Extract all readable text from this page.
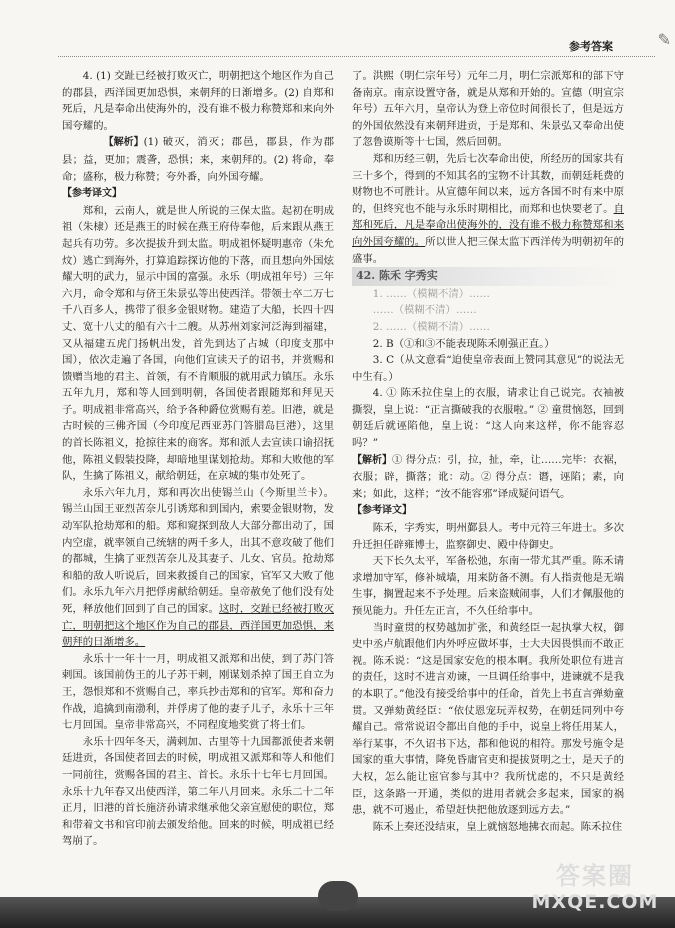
参考答案	✎

4. (1) 交趾已经被打败灭亡，明朝把这个地区作为自己的郡县，西洋国更加恐惧，来朝拜的日渐增多。(2) 自郑和死后，凡是奉命出使海外的，没有谁不极力称赞郑和来向外国夸耀的。

【解析】(1) 破灭，消灭；郡邑，郡县，作为郡县；益，更加；震詟，恐惧；来，来朝拜的。(2) 将命，奉命；盛称，极力称赞；夸外番，向外国夸耀。

【参考译文】

郑和，云南人，就是世人所说的三保太监。起初在明成祖（朱棣）还是燕王的时候在燕王府侍奉他，后来跟从燕王起兵有功劳。多次提拔升到太监。明成祖怀疑明惠帝（朱允炆）逃亡到海外，打算追踪探访他的下落，而且想向外国炫耀大明的武力，显示中国的富强。永乐（明成祖年号）三年六月，命令郑和与侪王朱景弘等出使西洋。带领士卒二万七千八百多人，携带了很多金银财物。建造了大船，长四十四丈、宽十八丈的船有六十二艘。从苏州刘家河泛海到福建，又从福建五虎门扬帆出发，首先到达了占城（印度支那中国），依次走遍了各国，向他们宣读天子的诏书，并赏赐和馈赠当地的君主、首领，有不肯顺服的就用武力镇压。永乐五年九月，郑和等人回到明朝，各国使者跟随郑和拜见天子。明成祖非常高兴，给予各种爵位赏赐有差。旧港，就是古时候的三佛齐国（今印度尼西亚苏门答腊岛巨港），这里的首长陈祖义，抢掠往来的商客。郑和派人去宣读口谕招抚他，陈祖义假装投降，却暗地里谋划抢劫。郑和大败他的军队，生擒了陈祖义，献给朝廷，在京城的集市处死了。

永乐六年九月，郑和再次出使锡兰山（今斯里兰卡）。锡兰山国王亚烈苦奈儿引诱郑和到国内，索要金银财物，发动军队抢劫郑和的船。郑和窥探到敌人大部分都出动了，国内空虚，就率领自己统辖的两千多人，出其不意攻破了他们的都城，生擒了亚烈苦奈儿及其妻子、儿女、官员。抢劫郑和船的敌人听说后，回来救援自己的国家，官军又大败了他们。永乐九年六月把俘虏献给朝廷。皇帝赦免了他们没有处死，释放他们回到了自己的国家。这时，交趾已经被打败灭亡，明朝把这个地区作为自己的郡县，西洋国更加恐惧，来朝拜的日渐增多。

永乐十一年十一月，明成祖又派郑和出使，到了苏门答剌国。该国前伪王的儿子苏干剌，刚谋划杀掉了国王自立为王，怨恨郑和不赏赐自己，率兵抄击郑和的官军。郑和奋力作战，追擒到南渤利，并俘虏了他的妻子儿子，永乐十三年七月回国。皇帝非常高兴，不同程度地奖赏了将士们。

永乐十四年冬天，满剌加、古里等十九国都派使者来朝廷进贡，各国使者回去的时候，明成祖又派郑和等人和他们一同前往，赏赐各国的君主、首长。永乐十七年七月回国。永乐十九年春又出使西洋，第二年八月回来。永乐二十二年正月，旧港的首长施济孙请求继承他父亲宣慰使的职位，郑和带着文书和官印前去颁发给他。回来的时候，明成祖已经驾崩了。

了。洪熙（明仁宗年号）元年二月，明仁宗派郑和的部下守备南京。南京设置守备，就是从郑和开始的。宣德（明宣宗年号）五年六月，皇帝认为登上帝位时间很长了，但是远方的外国依然没有来朝拜进贡，于是郑和、朱景弘又奉命出使了忽鲁谟斯等十七国，然后回朝。

郑和历经三朝，先后七次奉命出使，所经历的国家共有三十多个，得到的不知其名的宝物不计其数，而朝廷耗费的财物也不可胜计。从宣德年间以来，远方各国不时有来中原的，但终究也不能与永乐时期相比，而郑和也快要老了。自郑和死后，凡是奉命出使海外的，没有谁不极力称赞郑和来向外国夸耀的。所以世人把三保太监下西洋传为明朝初年的盛事。

42. 陈禾 字秀实

1. ……（模糊不清）……

……（模糊不清）……

2. ……（模糊不清）……

2. B（①和③不能表现陈禾刚强正直。）

3. C（从文意看“迫使皇帝表面上赞同其意见”的说法无中生有。）

4. ① 陈禾拉住皇上的衣服，请求让自己说完。衣袖被撕裂，皇上说：“正言撕破我的衣服啦。” ② 童贯恼怒，回到朝廷后就诬陷他，皇上说：“这人向来这样，你不能容忍吗？”

【解析】① 得分点：引，拉，扯，牵，让……完毕：衣裾，衣服；辟，撕落；讹：动。② 得分点：谮，诬陷；素，向来；如此，这样；“汝不能容邪”译成疑问语气。

【参考译文】

陈禾，字秀实，明州鄞县人。考中元符三年进士。多次升迁担任辟雍博士，监察御史、殿中侍御史。

天下长久太平，军备松弛，东南一带尤其严重。陈禾请求增加守军，修补城墙，用来防备不测。有人指责他是无端生事，搁置起来不予处理。后来盗贼闹事，人们才佩服他的预见能力。升任左正言，不久任给事中。

当时童贯的权势越加扩张，和黄经臣一起执掌大权，御史中丞卢航跟他们内外呼应做坏事，士大夫因畏惧而不敢正视。陈禾说：“这是国家安危的根本啊。我所处职位有进言的责任，这时不进言劝谏，一旦调任给事中，进谏就不是我的本职了。”他没有接受给事中的任命，首先上书直言弹劾童贯。又弹劾黄经臣：“依仗恩宠玩弄权势，在朝廷同列中夸耀自己。常常说诏令都出自他的手中，说皇上将任用某人，举行某事，不久诏书下达，都和他说的相符。那发号施令是国家的重大事情，降免昏庸官吏和提拔贤明之士，是天子的大权，怎么能让宦官参与其中？我所忧虑的，不只是黄经臣，这条路一开通，类似的进用者就会多起来，国家的祸患，就不可遏止，希望赶快把他放逐到远方去。”

陈禾上奏还没结束，皇上就恼怒地拂衣而起。陈禾拉住

答案圈
MXQE.COM
